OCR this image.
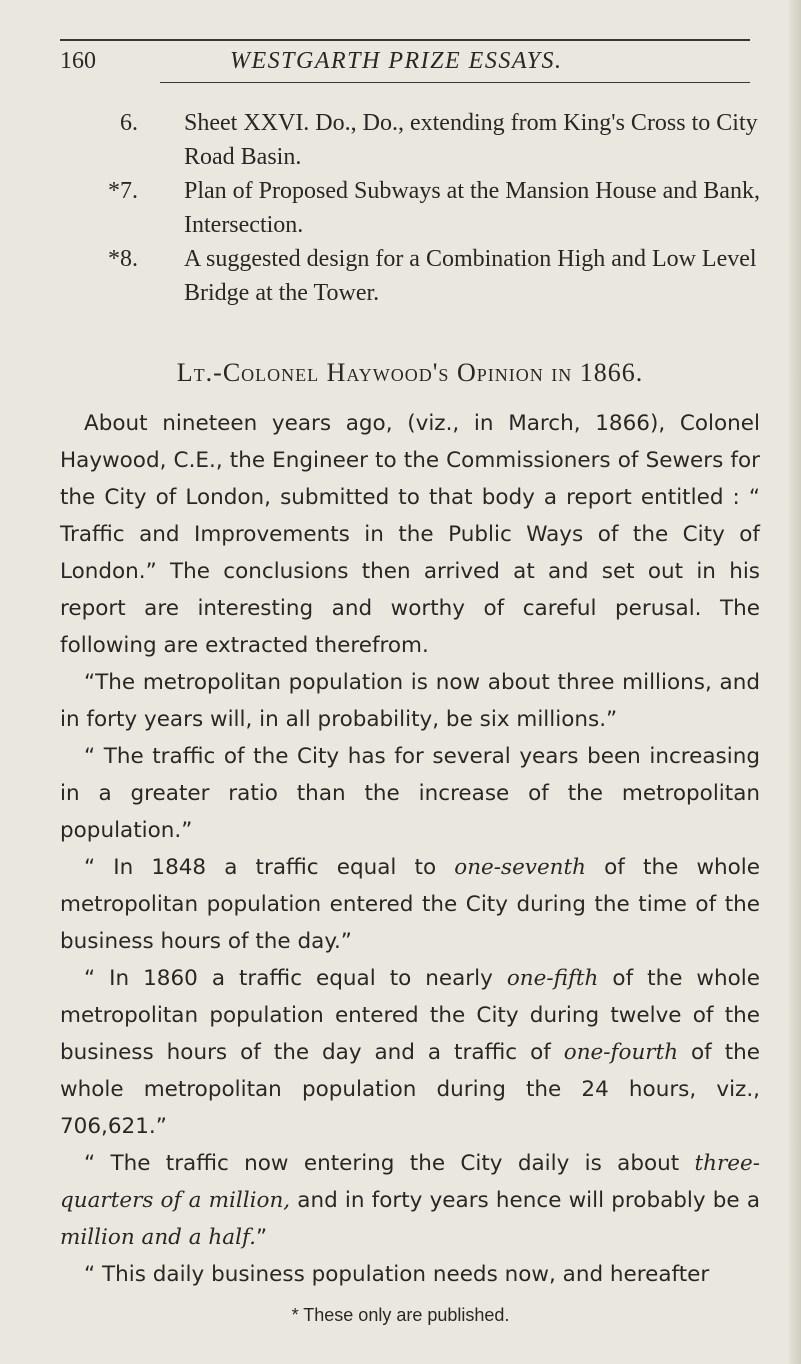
160	WESTGARTH PRIZE ESSAYS.
6. Sheet XXVI. Do., Do., extending from King's Cross to City Road Basin.
* 7. Plan of Proposed Subways at the Mansion House and Bank, Intersection.
* 8. A suggested design for a Combination High and Low Level Bridge at the Tower.
Lt.-Colonel Haywood's Opinion in 1866.

About nineteen years ago, (viz., in March, 1866), Colonel Haywood, C.E., the Engineer to the Commissioners of Sewers for the City of London, submitted to that body a report entitled : “ Traffic and Improvements in the Public Ways of the City of London.” The conclusions then arrived at and set out in his report are interesting and worthy of careful perusal. The following are extracted therefrom.

“The metropolitan population is now about three millions, and in forty years will, in all probability, be six millions.”

“ The traffic of the City has for several years been increasing in a greater ratio than the increase of the metropolitan population.”

“ In 1848 a traffic equal to one-seventh of the whole metropolitan population entered the City during the time of the business hours of the day.”

“ In 1860 a traffic equal to nearly one-fifth of the whole metropolitan population entered the City during twelve of the business hours of the day and a traffic of one-fourth of the whole metropolitan population during the 24 hours, viz., 706,621.”

“ The traffic now entering the City daily is about three-quarters of a million, and in forty years hence will probably be a million and a half.”

“ This daily business population needs now, and hereafter

* These only are published.
